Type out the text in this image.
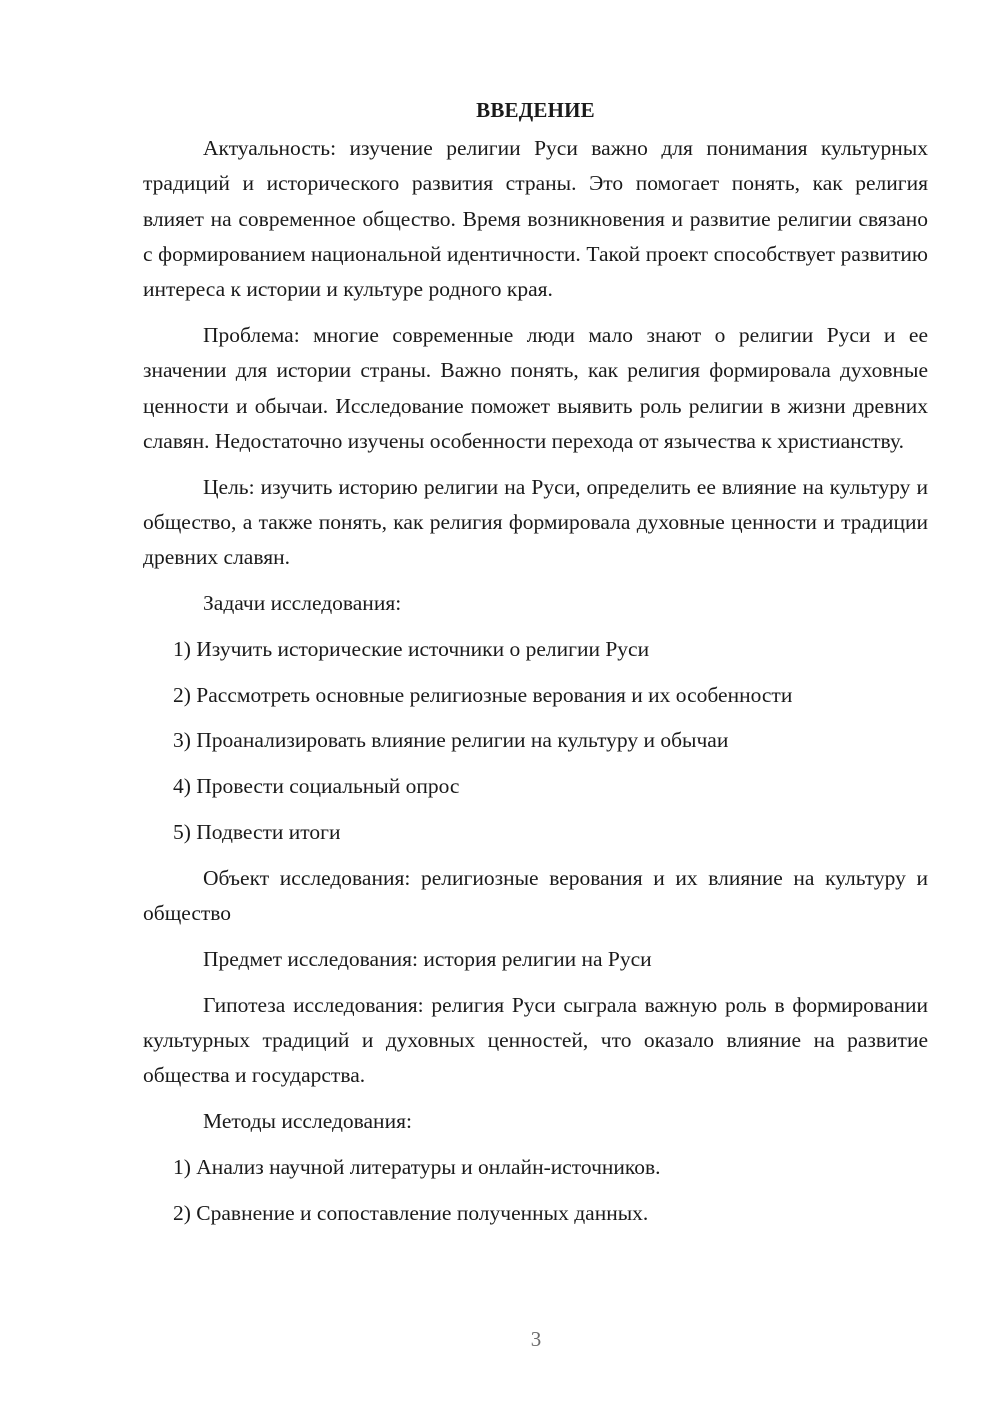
ВВЕДЕНИЕ

Актуальность: изучение религии Руси важно для понимания культурных традиций и исторического развития страны. Это помогает понять, как религия влияет на современное общество. Время возникновения и развитие религии связано с формированием национальной идентичности. Такой проект способствует развитию интереса к истории и культуре родного края.

Проблема: многие современные люди мало знают о религии Руси и ее значении для истории страны. Важно понять, как религия формировала духовные ценности и обычаи. Исследование поможет выявить роль религии в жизни древних славян. Недостаточно изучены особенности перехода от язычества к христианству.

Цель: изучить историю религии на Руси, определить ее влияние на культуру и общество, а также понять, как религия формировала духовные ценности и традиции древних славян.

Задачи исследования:

1) Изучить исторические источники о религии Руси
2) Рассмотреть основные религиозные верования и их особенности
3) Проанализировать влияние религии на культуру и обычаи
4) Провести социальный опрос
5) Подвести итоги

Объект исследования: религиозные верования и их влияние на культуру и общество

Предмет исследования: история религии на Руси

Гипотеза исследования: религия Руси сыграла важную роль в формировании культурных традиций и духовных ценностей, что оказало влияние на развитие общества и государства.

Методы исследования:

1) Анализ научной литературы и онлайн-источников.
2) Сравнение и сопоставление полученных данных.
3
